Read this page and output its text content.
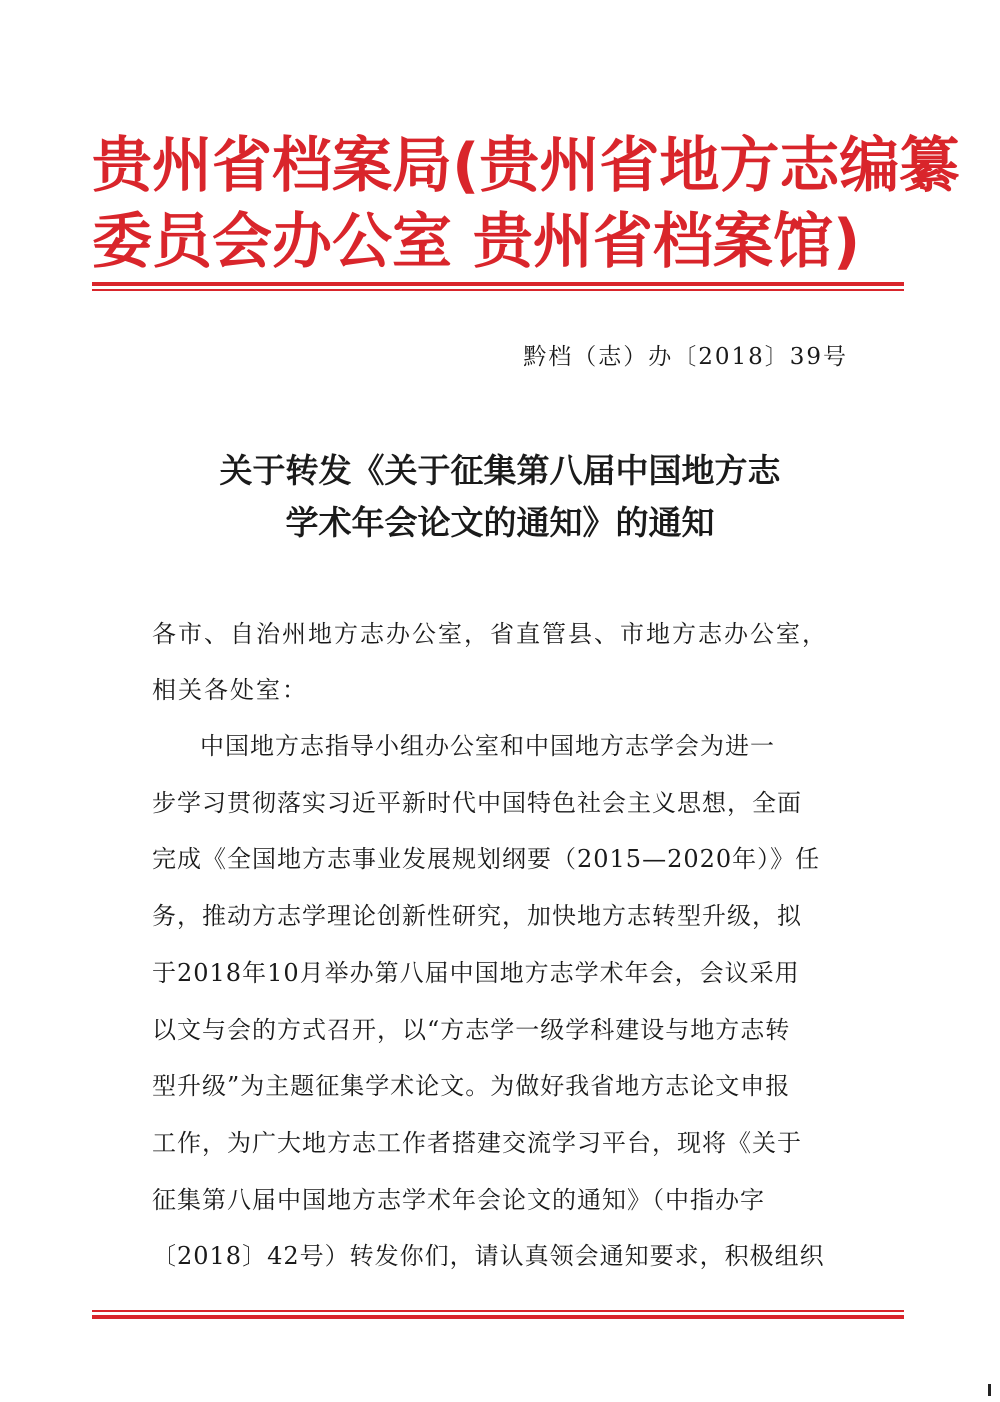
贵州省档案局(贵州省地方志编纂
委员会办公室 贵州省档案馆)
黔档（志）办〔2018〕39号
关于转发《关于征集第八届中国地方志
学术年会论文的通知》的通知
各市、自治州地方志办公室，省直管县、市地方志办公室，
相关各处室：
中国地方志指导小组办公室和中国地方志学会为进一
步学习贯彻落实习近平新时代中国特色社会主义思想，全面
完成《全国地方志事业发展规划纲要（2015—2020年）》任
务，推动方志学理论创新性研究，加快地方志转型升级，拟
于2018年10月举办第八届中国地方志学术年会，会议采用
以文与会的方式召开，以“方志学一级学科建设与地方志转
型升级”为主题征集学术论文。为做好我省地方志论文申报
工作，为广大地方志工作者搭建交流学习平台，现将《关于
征集第八届中国地方志学术年会论文的通知》（中指办字
〔2018〕42号）转发你们，请认真领会通知要求，积极组织
